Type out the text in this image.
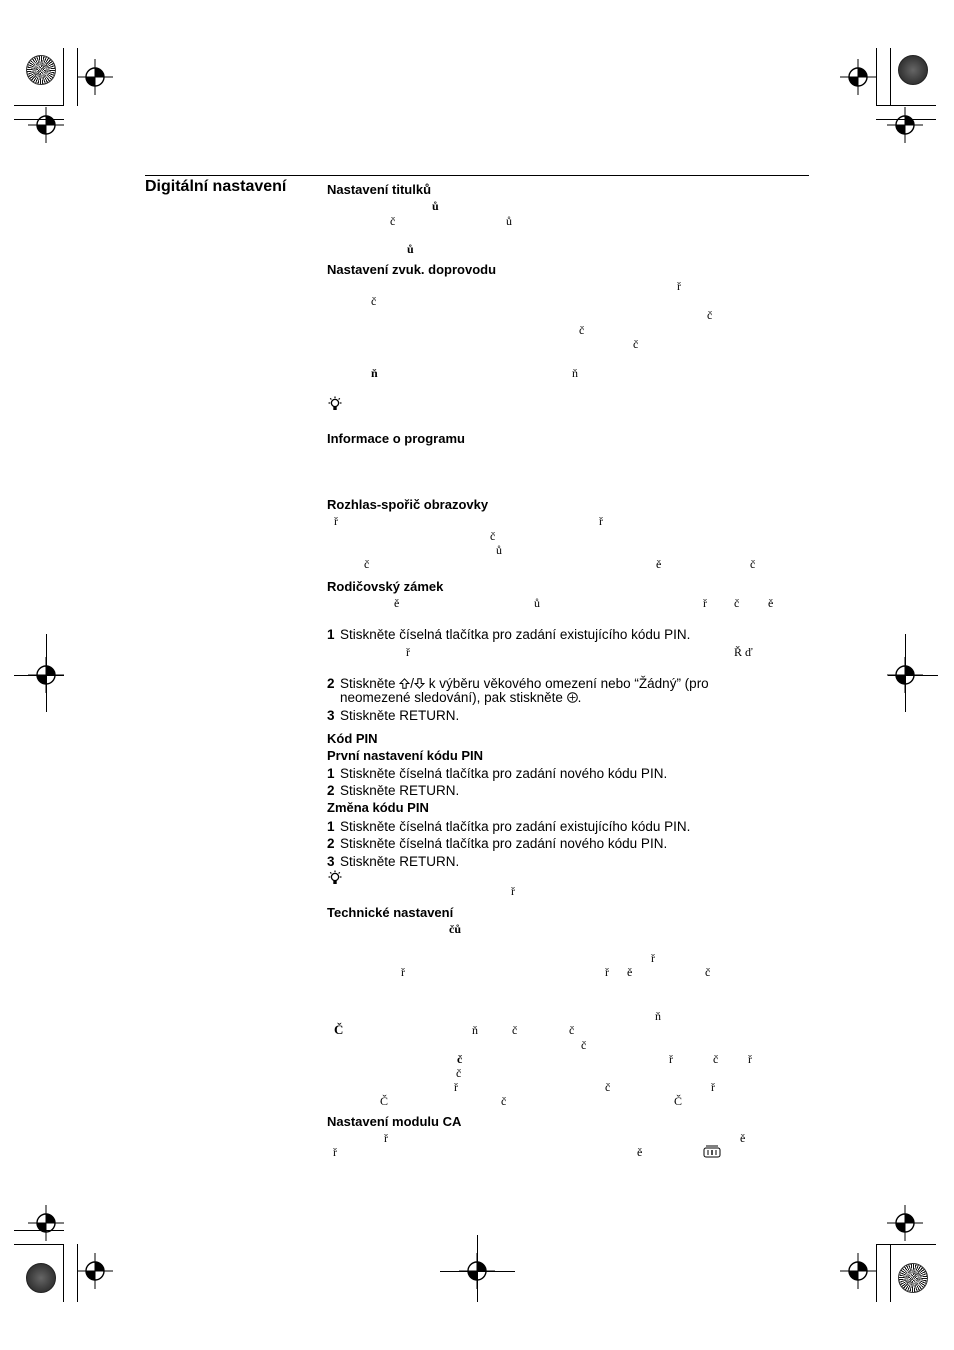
Digitální nastavení	Nastavení titulků
ů
č	ů
ů
Nastavení zvuk. doprovodu
ř
č
č
č
č
ň	ň
Informace o programu
Rozhlas-spořič obrazovky
ř	ř
č
ů
č	ě	č
Rodičovský zámek
ě	ů	ř č ě
1 Stiskněte číselná tlačítka pro zadání existujícího kódu PIN.
ř	Ř ď
2 Stiskněte / k výběru věkového omezení nebo “Žádný” (pro
neomezené sledování), pak stiskněte .
3 Stiskněte RETURN.
Kód PIN
První nastavení kódu PIN
1 Stiskněte číselná tlačítka pro zadání nového kódu PIN.
2 Stiskněte RETURN.
Změna kódu PIN
1 Stiskněte číselná tlačítka pro zadání existujícího kódu PIN.
2 Stiskněte číselná tlačítka pro zadání nového kódu PIN.
3 Stiskněte RETURN.
ř
Technické nastavení
čů
ř
ř	ř ě	č
ň
Č	ň	č	č
č
č	ř	č ř
č
ř	č	ř
Č	č	Č
Nastavení modulu CA
ř	ě
ř	ě
